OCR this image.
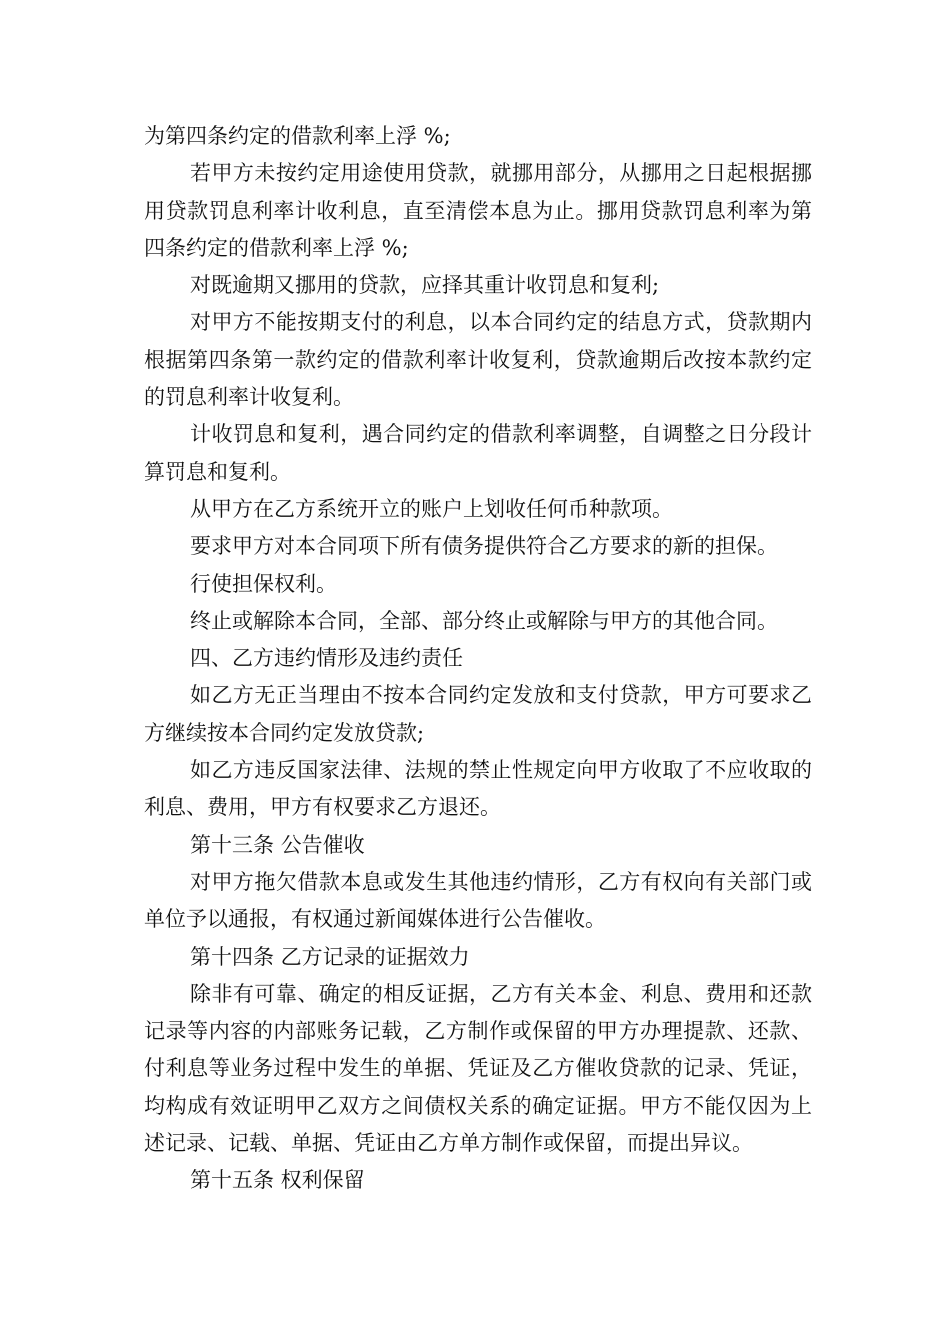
为第四条约定的借款利率上浮 %;

若甲方未按约定用途使用贷款，就挪用部分，从挪用之日起根据挪用贷款罚息利率计收利息，直至清偿本息为止。挪用贷款罚息利率为第四条约定的借款利率上浮 %;

对既逾期又挪用的贷款，应择其重计收罚息和复利;

对甲方不能按期支付的利息，以本合同约定的结息方式，贷款期内根据第四条第一款约定的借款利率计收复利，贷款逾期后改按本款约定的罚息利率计收复利。

计收罚息和复利，遇合同约定的借款利率调整，自调整之日分段计算罚息和复利。

从甲方在乙方系统开立的账户上划收任何币种款项。

要求甲方对本合同项下所有债务提供符合乙方要求的新的担保。

行使担保权利。

终止或解除本合同，全部、部分终止或解除与甲方的其他合同。

四、乙方违约情形及违约责任

如乙方无正当理由不按本合同约定发放和支付贷款，甲方可要求乙方继续按本合同约定发放贷款;

如乙方违反国家法律、法规的禁止性规定向甲方收取了不应收取的利息、费用，甲方有权要求乙方退还。

第十三条 公告催收

对甲方拖欠借款本息或发生其他违约情形，乙方有权向有关部门或单位予以通报，有权通过新闻媒体进行公告催收。

第十四条 乙方记录的证据效力

除非有可靠、确定的相反证据，乙方有关本金、利息、费用和还款记录等内容的内部账务记载，乙方制作或保留的甲方办理提款、还款、付利息等业务过程中发生的单据、凭证及乙方催收贷款的记录、凭证，均构成有效证明甲乙双方之间债权关系的确定证据。甲方不能仅因为上述记录、记载、单据、凭证由乙方单方制作或保留，而提出异议。

第十五条 权利保留
